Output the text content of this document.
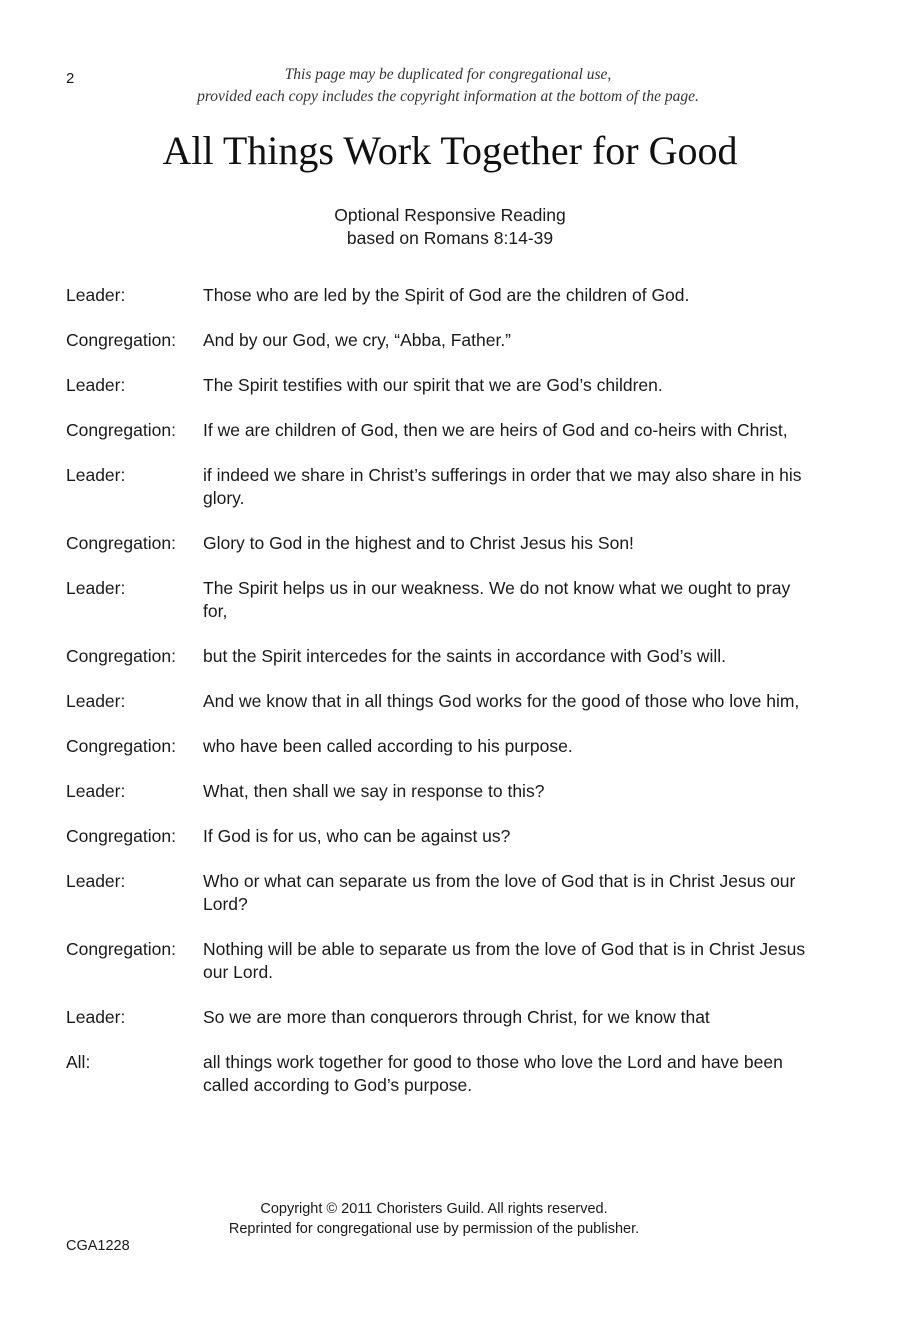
2	This page may be duplicated for congregational use,
provided each copy includes the copyright information at the bottom of the page.
All Things Work Together for Good
Optional Responsive Reading
based on Romans 8:14-39
Leader:	Those who are led by the Spirit of God are the children of God.
Congregation:	And by our God, we cry, “Abba, Father.”
Leader:	The Spirit testifies with our spirit that we are God’s children.
Congregation:	If we are children of God, then we are heirs of God and co-heirs with Christ,
Leader:	if indeed we share in Christ’s sufferings in order that we may also share in his glory.
Congregation:	Glory to God in the highest and to Christ Jesus his Son!
Leader:	The Spirit helps us in our weakness. We do not know what we ought to pray for,
Congregation:	but the Spirit intercedes for the saints in accordance with God’s will.
Leader:	And we know that in all things God works for the good of those who love him,
Congregation:	who have been called according to his purpose.
Leader:	What, then shall we say in response to this?
Congregation:	If God is for us, who can be against us?
Leader:	Who or what can separate us from the love of God that is in Christ Jesus our Lord?
Congregation:	Nothing will be able to separate us from the love of God that is in Christ Jesus our Lord.
Leader:	So we are more than conquerors through Christ, for we know that
All:	all things work together for good to those who love the Lord and have been called according to God’s purpose.
Copyright © 2011 Choristers Guild. All rights reserved.
Reprinted for congregational use by permission of the publisher.
CGA1228
